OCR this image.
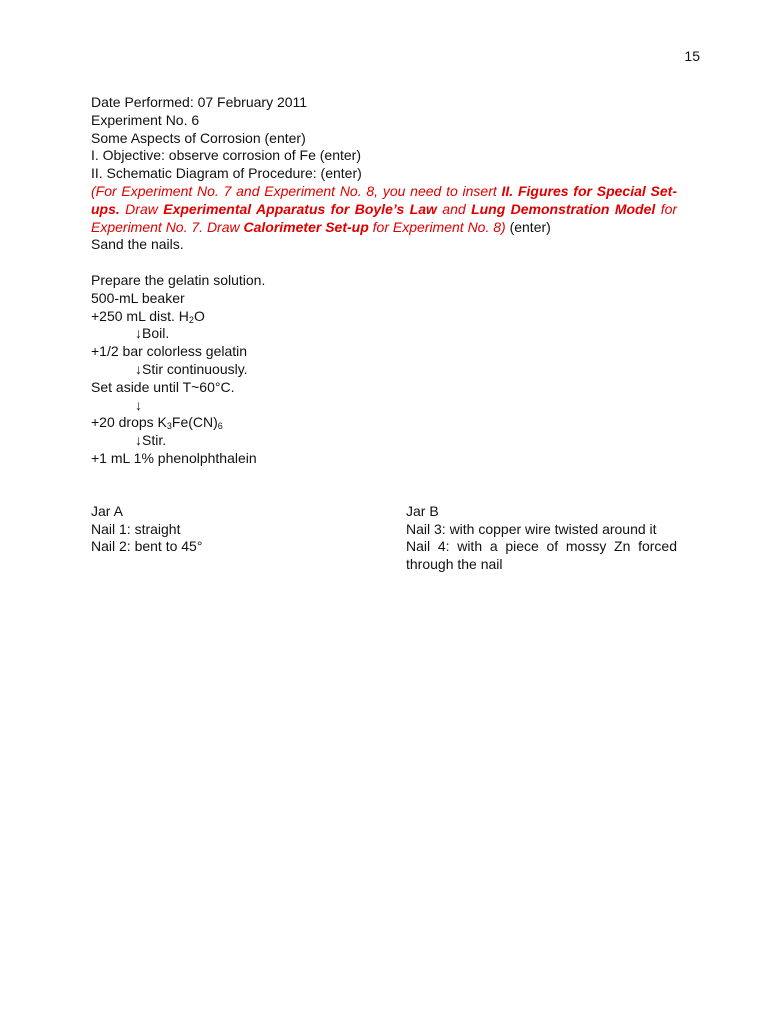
15

Date Performed: 07 February 2011

Experiment No. 6

Some Aspects of Corrosion (enter)

I. Objective: observe corrosion of Fe (enter)

II. Schematic Diagram of Procedure: (enter)

(For Experiment No. 7 and Experiment No. 8, you need to insert II. Figures for Special Set-ups. Draw Experimental Apparatus for Boyle’s Law and Lung Demonstration Model for Experiment No. 7. Draw Calorimeter Set-up for Experiment No. 8) (enter)

Sand the nails.

Prepare the gelatin solution.

500-mL beaker

+250 mL dist. $H_2O$

↓Boil.

+1/2 bar colorless gelatin

↓Stir continuously.

Set aside until T~60°C.

↓

+20 drops $K_3Fe(CN)_6$

↓Stir.

+1 mL 1% phenolphthalein

Jar A

Nail 1: straight

Nail 2: bent to 45°

Jar B

Nail 3: with copper wire twisted around it

Nail 4: with a piece of mossy Zn forced through the nail
